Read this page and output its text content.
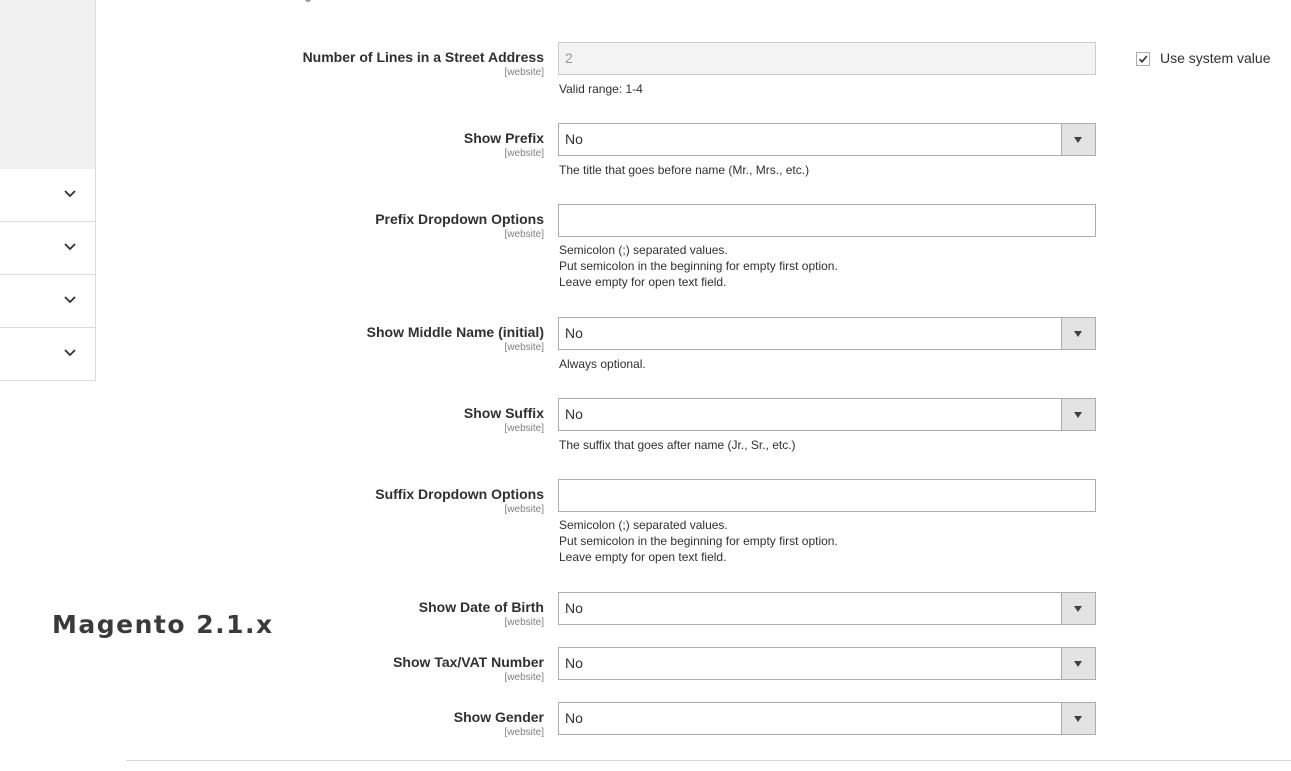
Magento 2.1.x
Number of Lines in a Street Address
[website]
2
Valid range: 1-4
Use system value
Show Prefix
[website]
No
The title that goes before name (Mr., Mrs., etc.)
Prefix Dropdown Options
[website]
Semicolon (;) separated values.
Put semicolon in the beginning for empty first option.
Leave empty for open text field.
Show Middle Name (initial)
[website]
No
Always optional.
Show Suffix
[website]
No
The suffix that goes after name (Jr., Sr., etc.)
Suffix Dropdown Options
[website]
Semicolon (;) separated values.
Put semicolon in the beginning for empty first option.
Leave empty for open text field.
Show Date of Birth
[website]
No
Show Tax/VAT Number
[website]
No
Show Gender
[website]
No
